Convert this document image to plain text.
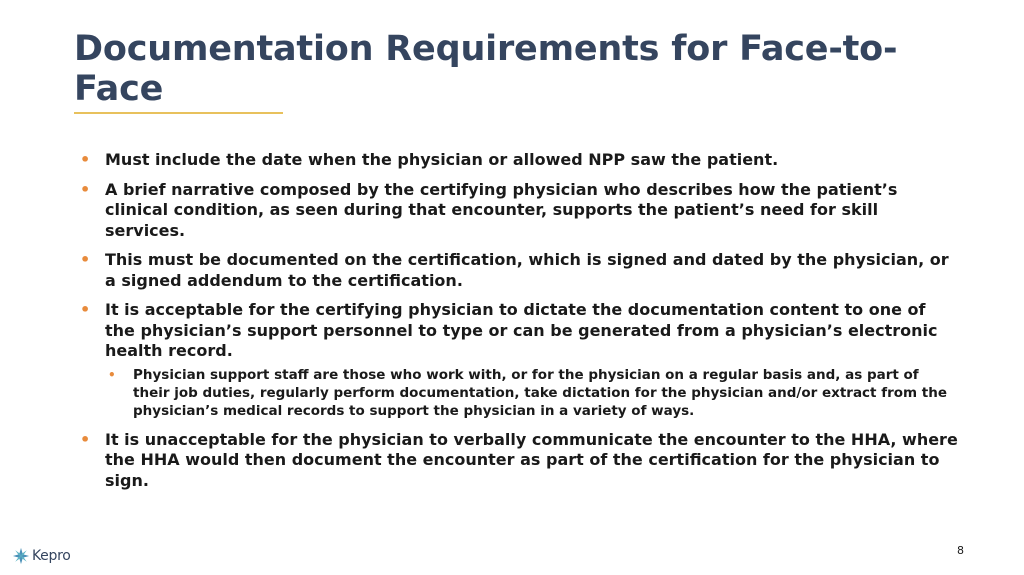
Documentation Requirements for Face-to-Face
• Must include the date when the physician or allowed NPP saw the patient.
• A brief narrative composed by the certifying physician who describes how the patient’s clinical condition, as seen during that encounter, supports the patient’s need for skill services.
• This must be documented on the certification, which is signed and dated by the physician, or a signed addendum to the certification.
• It is acceptable for the certifying physician to dictate the documentation content to one of the physician’s support personnel to type or can be generated from a physician’s electronic health record.
• Physician support staff are those who work with, or for the physician on a regular basis and, as part of their job duties, regularly perform documentation, take dictation for the physician and/or extract from the physician’s medical records to support the physician in a variety of ways.
• It is unacceptable for the physician to verbally communicate the encounter to the HHA, where the HHA would then document the encounter as part of the certification for the physician to sign.
Kepro	8
